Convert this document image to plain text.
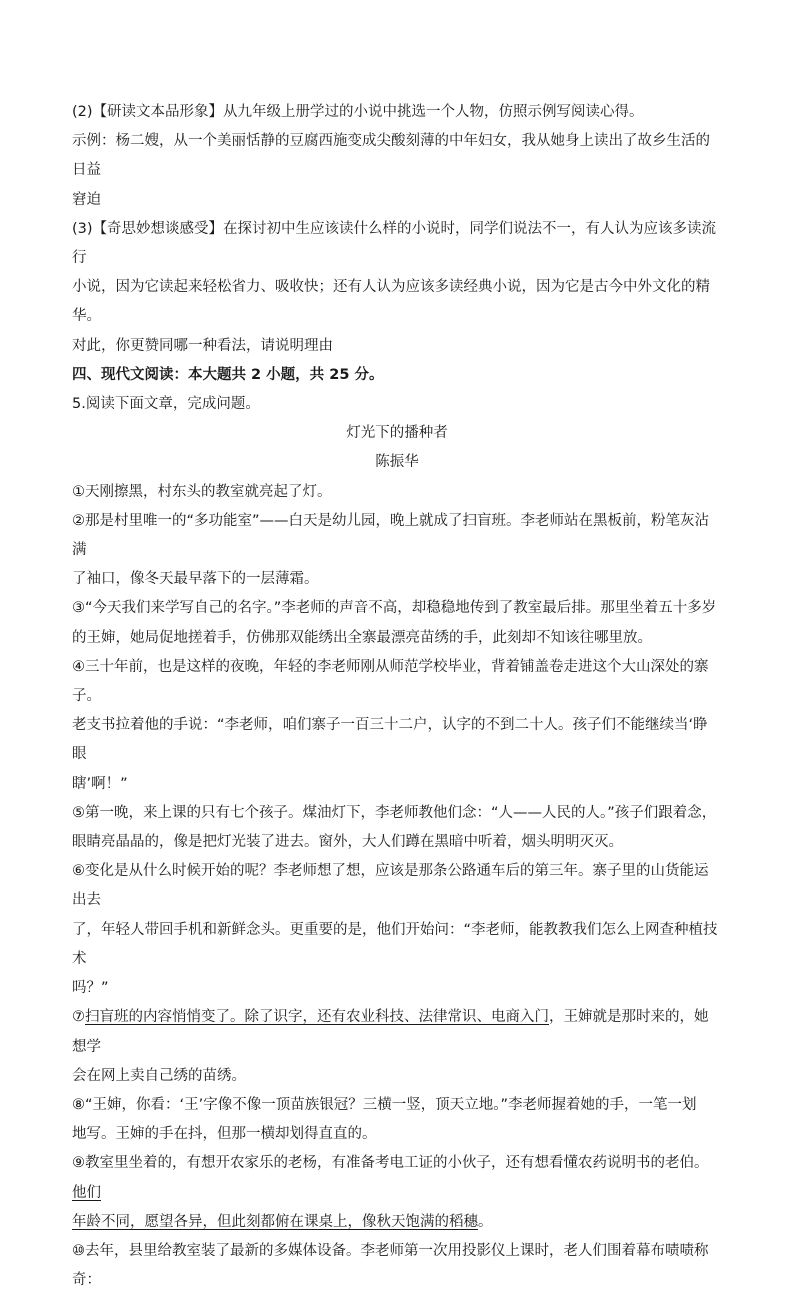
(2)【研读文本品形象】从九年级上册学过的小说中挑选一个人物，仿照示例写阅读心得。

示例：杨二嫂，从一个美丽恬静的豆腐西施变成尖酸刻薄的中年妇女，我从她身上读出了故乡生活的日益

窘迫

(3)【奇思妙想谈感受】在探讨初中生应该读什么样的小说时，同学们说法不一，有人认为应该多读流行

小说，因为它读起来轻松省力、吸收快；还有人认为应该多读经典小说，因为它是古今中外文化的精华。

对此，你更赞同哪一种看法，请说明理由

四、现代文阅读：本大题共 2 小题，共 25 分。

5.阅读下面文章，完成问题。

灯光下的播种者

陈振华

①天刚擦黑，村东头的教室就亮起了灯。

②那是村里唯一的“多功能室”——白天是幼儿园，晚上就成了扫盲班。李老师站在黑板前，粉笔灰沾满

了袖口，像冬天最早落下的一层薄霜。

③“今天我们来学写自己的名字。”李老师的声音不高，却稳稳地传到了教室最后排。那里坐着五十多岁

的王婶，她局促地搓着手，仿佛那双能绣出全寨最漂亮苗绣的手，此刻却不知该往哪里放。

④三十年前，也是这样的夜晚，年轻的李老师刚从师范学校毕业，背着铺盖卷走进这个大山深处的寨子。

老支书拉着他的手说：“李老师，咱们寨子一百三十二户，认字的不到二十人。孩子们不能继续当‘睁眼

瞎’啊！”

⑤第一晚，来上课的只有七个孩子。煤油灯下，李老师教他们念：“人——人民的人。”孩子们跟着念，

眼睛亮晶晶的，像是把灯光装了进去。窗外，大人们蹲在黑暗中听着，烟头明明灭灭。

⑥变化是从什么时候开始的呢？李老师想了想，应该是那条公路通车后的第三年。寨子里的山货能运出去

了，年轻人带回手机和新鲜念头。更重要的是，他们开始问：“李老师，能教教我们怎么上网查种植技术

吗？”

⑦扫盲班的内容悄悄变了。除了识字，还有农业科技、法律常识、电商入门，王婶就是那时来的，她想学

会在网上卖自己绣的苗绣。

⑧“王婶，你看：‘王’字像不像一顶苗族银冠？三横一竖，顶天立地。”李老师握着她的手，一笔一划

地写。王婶的手在抖，但那一横却划得直直的。

⑨教室里坐着的，有想开农家乐的老杨，有准备考电工证的小伙子，还有想看懂农药说明书的老伯。他们

年龄不同，愿望各异，但此刻都俯在课桌上，像秋天饱满的稻穗。

⑩去年，县里给教室装了最新的多媒体设备。李老师第一次用投影仪上课时，老人们围着幕布啧啧称奇：
